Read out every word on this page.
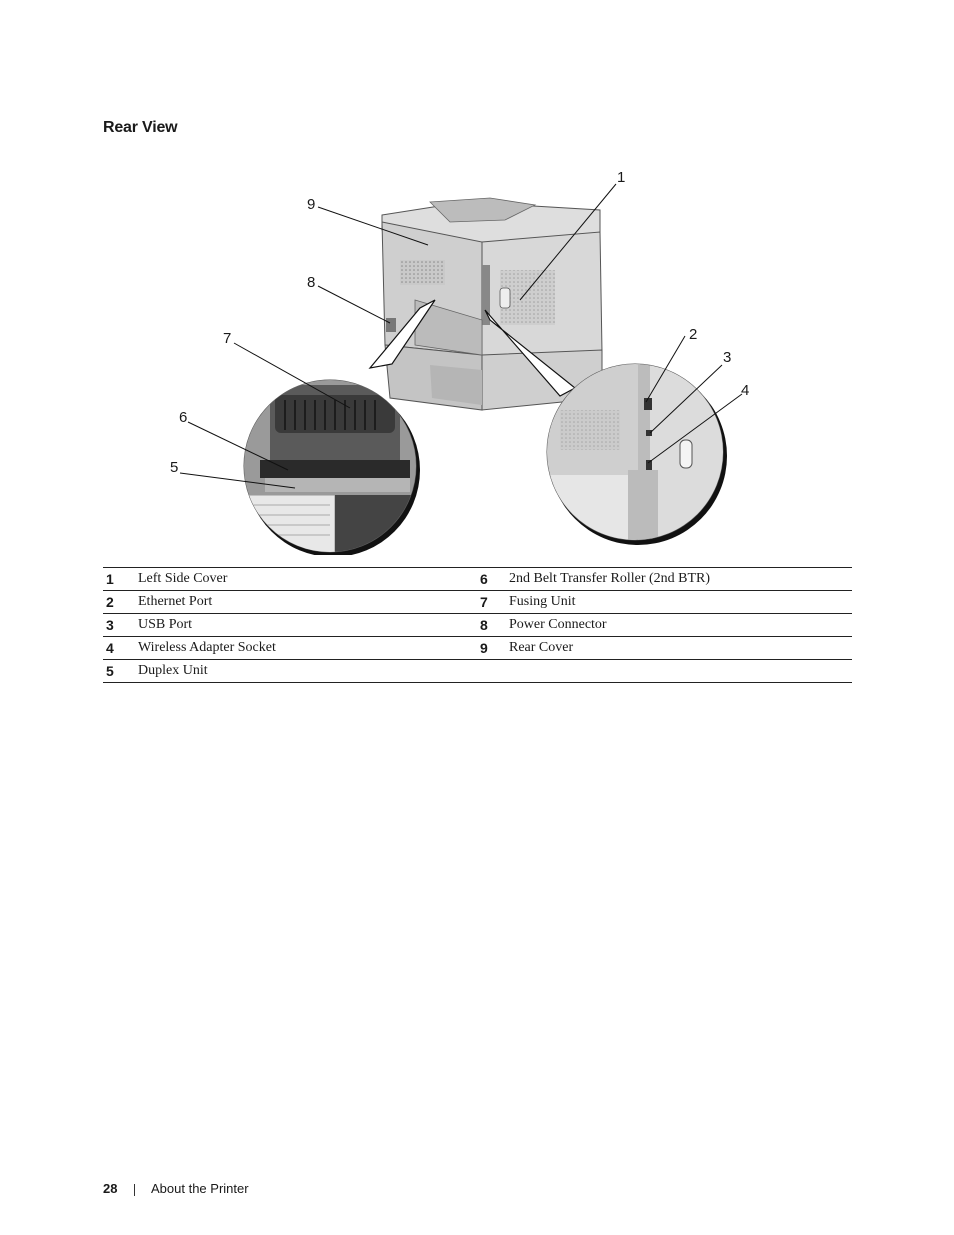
Rear View
1
2
3
4
5
6
7
8
9
1	Left Side Cover	6	2nd Belt Transfer Roller (2nd BTR)
2	Ethernet Port	7	Fusing Unit
3	USB Port	8	Power Connector
4	Wireless Adapter Socket	9	Rear Cover
5	Duplex Unit		
28	About the Printer
